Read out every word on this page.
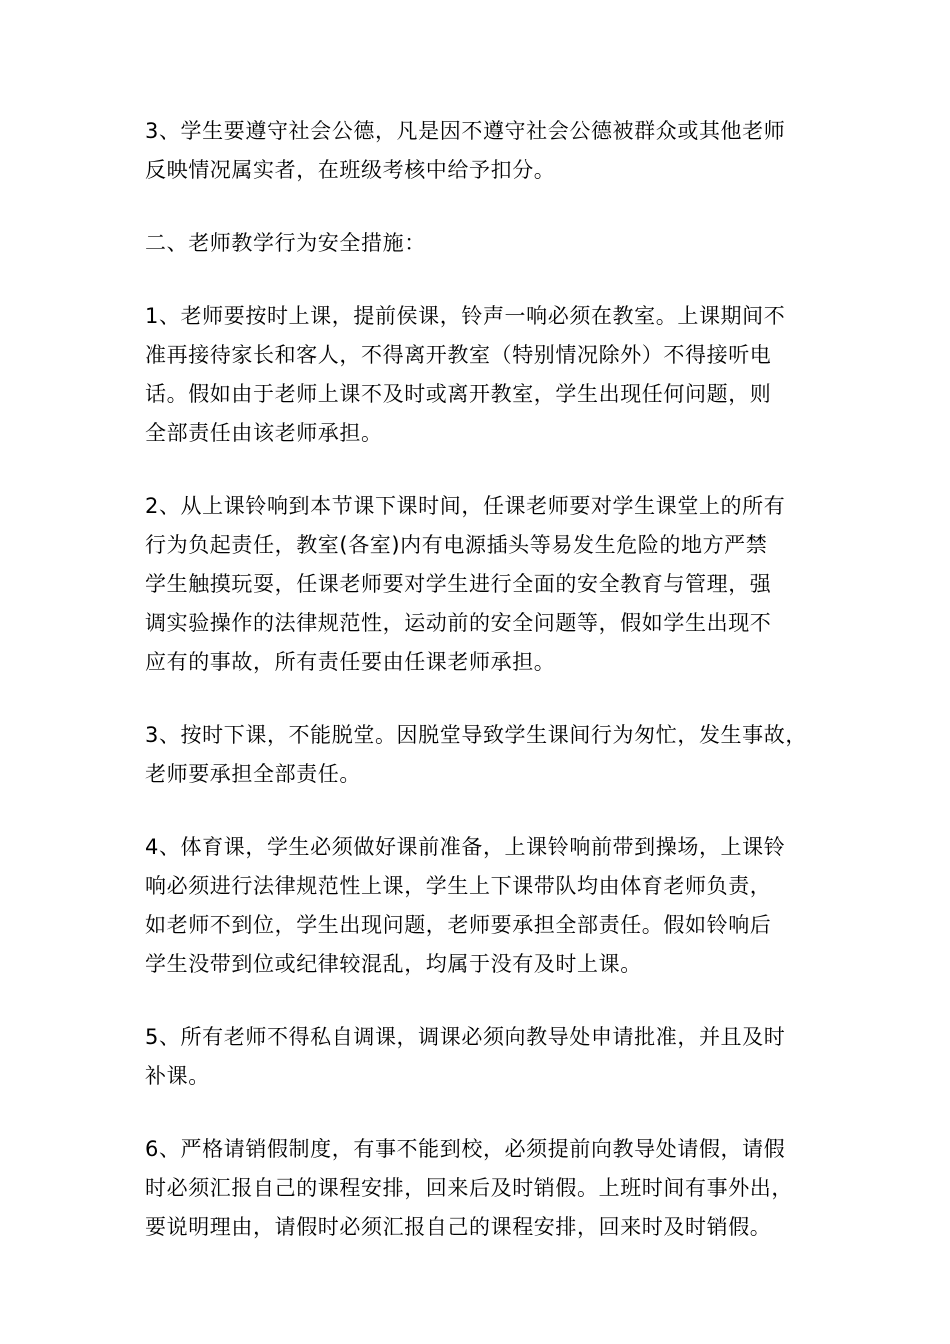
3、学生要遵守社会公德，凡是因不遵守社会公德被群众或其他老师
反映情况属实者，在班级考核中给予扣分。
二、老师教学行为安全措施：
1、老师要按时上课，提前侯课，铃声一响必须在教室。上课期间不
准再接待家长和客人，不得离开教室（特别情况除外）不得接听电
话。假如由于老师上课不及时或离开教室，学生出现任何问题，则
全部责任由该老师承担。
2、从上课铃响到本节课下课时间，任课老师要对学生课堂上的所有
行为负起责任，教室(各室)内有电源插头等易发生危险的地方严禁
学生触摸玩耍，任课老师要对学生进行全面的安全教育与管理，强
调实验操作的法律规范性，运动前的安全问题等，假如学生出现不
应有的事故，所有责任要由任课老师承担。
3、按时下课，不能脱堂。因脱堂导致学生课间行为匆忙，发生事故，
老师要承担全部责任。
4、体育课，学生必须做好课前准备，上课铃响前带到操场，上课铃
响必须进行法律规范性上课，学生上下课带队均由体育老师负责，
如老师不到位，学生出现问题，老师要承担全部责任。假如铃响后
学生没带到位或纪律较混乱，均属于没有及时上课。
5、所有老师不得私自调课，调课必须向教导处申请批准，并且及时
补课。
6、严格请销假制度，有事不能到校，必须提前向教导处请假，请假
时必须汇报自己的课程安排，回来后及时销假。上班时间有事外出，
要说明理由，请假时必须汇报自己的课程安排，回来时及时销假。
